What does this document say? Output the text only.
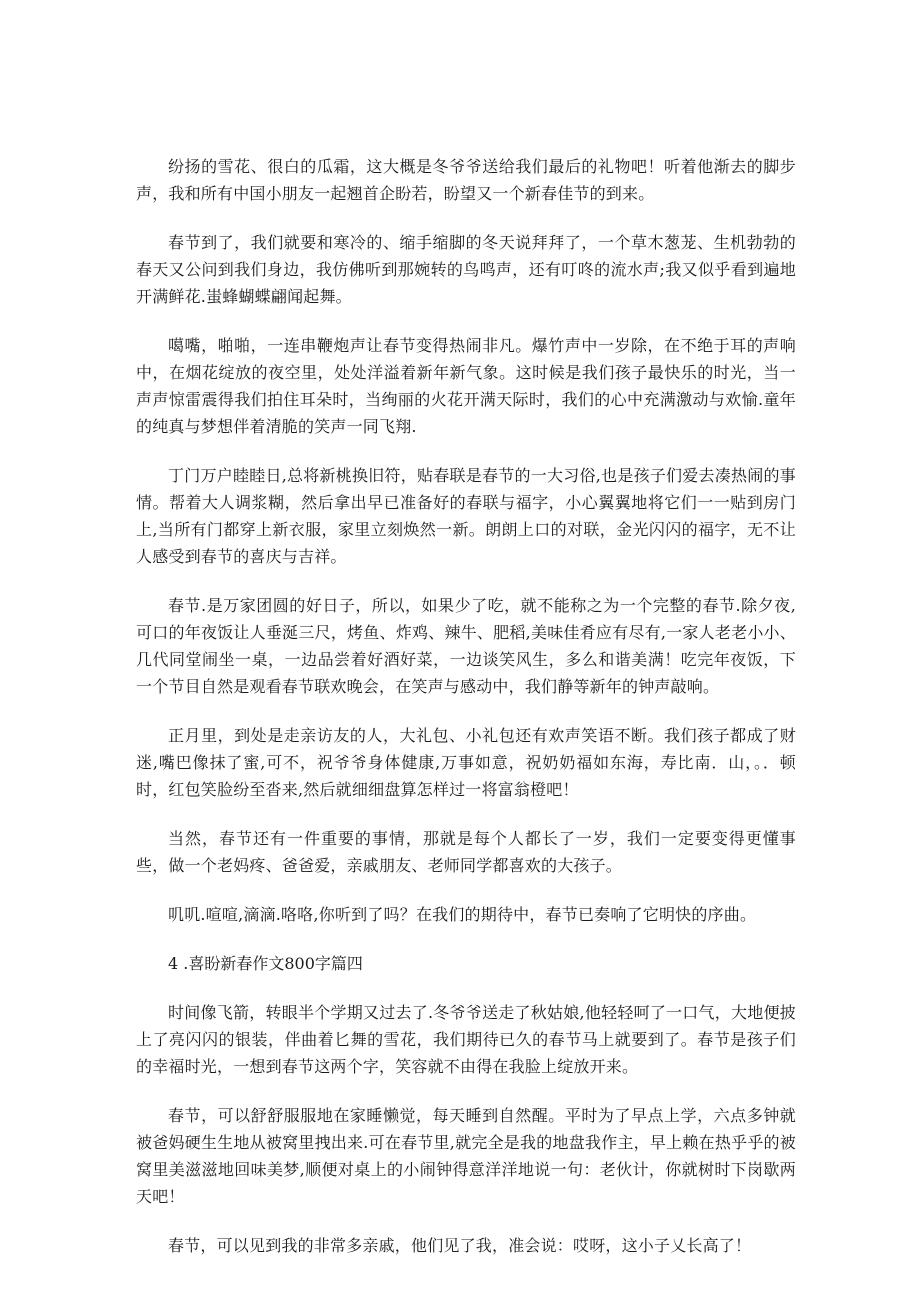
纷扬的雪花、很白的瓜霜，这大概是冬爷爷送给我们最后的礼物吧！听着他渐去的脚步声，我和所有中国小朋友一起翘首企盼若，盼望又一个新春佳节的到来。

春节到了，我们就要和寒冷的、缩手缩脚的冬天说拜拜了，一个草木葱茏、生机勃勃的春天又公问到我们身边，我仿佛听到那婉转的鸟鸣声，还有叮咚的流水声;我又似乎看到遍地开满鲜花.蚩蜂蝴蝶翩闻起舞。

噶嘴，啪啪，一连串鞭炮声让春节变得热闹非凡。爆竹声中一岁除，在不绝于耳的声响中，在烟花绽放的夜空里，处处洋溢着新年新气象。这时候是我们孩子最快乐的时光，当一声声惊雷震得我们拍住耳朵时，当绚丽的火花开满天际时，我们的心中充满激动与欢愉.童年的纯真与梦想伴着清脆的笑声一同飞翔.

丁门万户睦睦日,总将新桃换旧符，贴春联是春节的一大习俗,也是孩子们爱去凑热闹的事情。帮着大人调浆糊，然后拿出早已准备好的春联与福字，小心翼翼地将它们一一贴到房门上,当所有门都穿上新衣服，家里立刻焕然一新。朗朗上口的对联，金光闪闪的福字，无不让人感受到春节的喜庆与吉祥。

春节.是万家团圆的好日子，所以，如果少了吃，就不能称之为一个完整的春节.除夕夜,可口的年夜饭让人垂涎三尺，烤鱼、炸鸡、辣牛、肥稻,美味佳肴应有尽有,一家人老老小小、几代同堂闹坐一桌，一边品尝着好酒好菜，一边谈笑风生，多么和谐美满！吃完年夜饭，下一个节目自然是观看春节联欢晚会，在笑声与感动中，我们静等新年的钟声敲响。

正月里，到处是走亲访友的人，大礼包、小礼包还有欢声笑语不断。我们孩子都成了财迷,嘴巴像抹了蜜,可不，祝爷爷身体健康,万事如意，祝奶奶福如东海，寿比南．山，。．顿时，红包笑脸纷至沓来,然后就细细盘算怎样过一将富翁橙吧！

当然，春节还有一件重要的事情，那就是每个人都长了一岁，我们一定要变得更懂事些，做一个老妈疼、爸爸爱，亲戚朋友、老师同学都喜欢的大孩子。

叽叽.喧喧,滴滴.咯咯,你听到了吗？在我们的期待中，春节已奏响了它明快的序曲。

4 .喜盼新春作文800字篇四

时间像飞箭，转眼半个学期又过去了.冬爷爷送走了秋姑娘,他轻轻呵了一口气，大地便披上了亮闪闪的银装，伴曲着匕舞的雪花，我们期待已久的春节马上就要到了。春节是孩子们的幸福时光，一想到春节这两个字，笑容就不由得在我脸上绽放开来。

春节，可以舒舒服服地在家睡懒觉，每天睡到自然醒。平时为了早点上学，六点多钟就被爸妈硬生生地从被窝里拽出来.可在春节里,就完全是我的地盘我作主，早上赖在热乎乎的被窝里美滋滋地回味美梦,顺便对桌上的小闹钟得意洋洋地说一句：老伙计，你就树时下岗歇两天吧！

春节，可以见到我的非常多亲戚，他们见了我，准会说：哎呀，这小子乂长高了！
